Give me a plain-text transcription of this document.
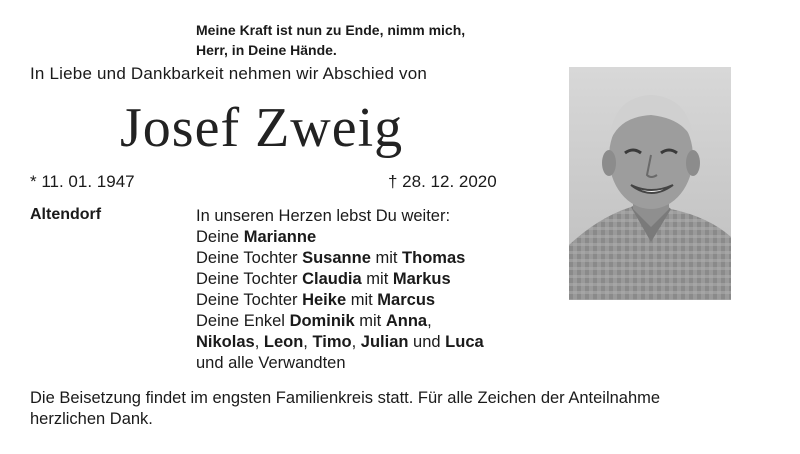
Meine Kraft ist nun zu Ende, nimm mich,
Herr, in Deine Hände.
In Liebe und Dankbarkeit nehmen wir Abschied von
Josef Zweig
* 11. 01. 1947	† 28. 12. 2020
Altendorf	In unseren Herzen lebst Du weiter:
Deine Marianne
Deine Tochter Susanne mit Thomas
Deine Tochter Claudia mit Markus
Deine Tochter Heike mit Marcus
Deine Enkel Dominik mit Anna,
Nikolas, Leon, Timo, Julian und Luca
und alle Verwandten
Die Beisetzung findet im engsten Familienkreis statt. Für alle Zeichen der Anteilnahme
herzlichen Dank.
